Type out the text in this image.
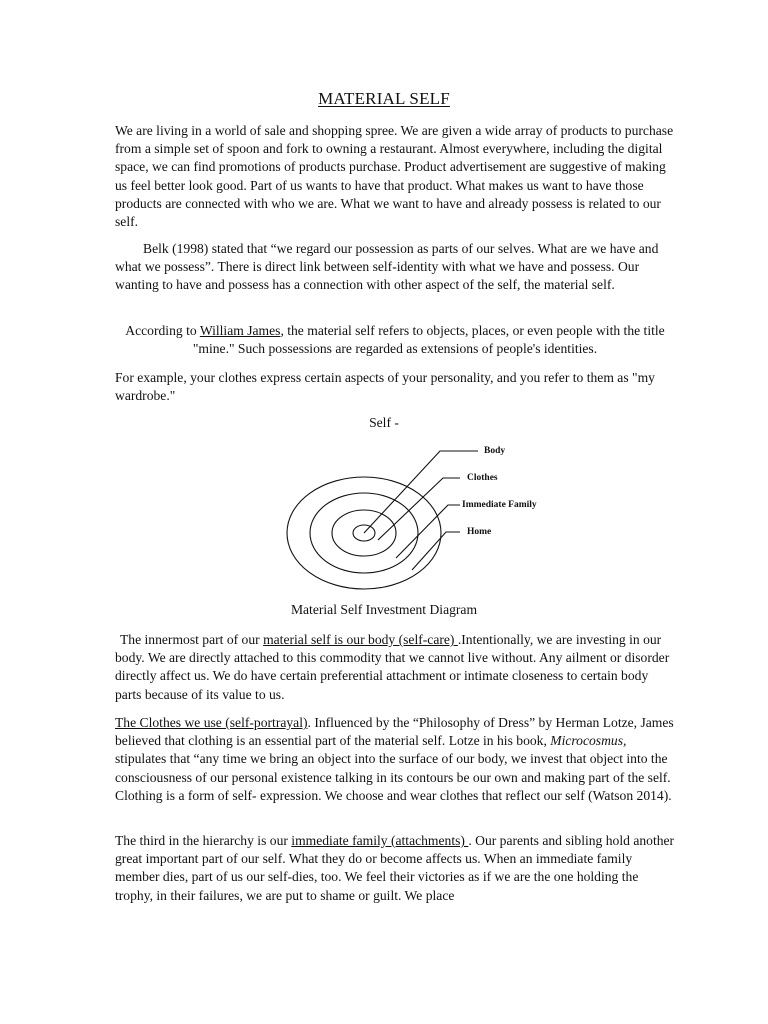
MATERIAL SELF

We are living in a world of sale and shopping spree. We are given a wide array of products to purchase from a simple set of spoon and fork to owning a restaurant. Almost everywhere, including the digital space, we can find promotions of products purchase. Product advertisement are suggestive of making us feel better look good. Part of us wants to have that product. What makes us want to have those products are connected with who we are. What we want to have and already possess is related to our self.

Belk (1998) stated that “we regard our possession as parts of our selves. What are we have and what we possess”. There is direct link between self-identity with what we have and possess. Our wanting to have and possess has a connection with other aspect of the self, the material self.

According to William James, the material self refers to objects, places, or even people with the title "mine." Such possessions are regarded as extensions of people's identities.

For example, your clothes express certain aspects of your personality, and you refer to them as "my wardrobe."

Self -
Body
Clothes
Immediate Family
Home
Material Self Investment Diagram

The innermost part of our material self is our body (self-care) .Intentionally, we are investing in our body. We are directly attached to this commodity that we cannot live without. Any ailment or disorder directly affect us. We do have certain preferential attachment or intimate closeness to certain body parts because of its value to us.

The Clothes we use (self-portrayal). Influenced by the “Philosophy of Dress” by Herman Lotze, James believed that clothing is an essential part of the material self. Lotze in his book, Microcosmus, stipulates that “any time we bring an object into the surface of our body, we invest that object into the consciousness of our personal existence talking in its contours be our own and making part of the self. Clothing is a form of self- expression. We choose and wear clothes that reflect our self (Watson 2014).

The third in the hierarchy is our immediate family (attachments) . Our parents and sibling hold another great important part of our self. What they do or become affects us. When an immediate family member dies, part of us our self-dies, too. We feel their victories as if we are the one holding the trophy, in their failures, we are put to shame or guilt. We place
